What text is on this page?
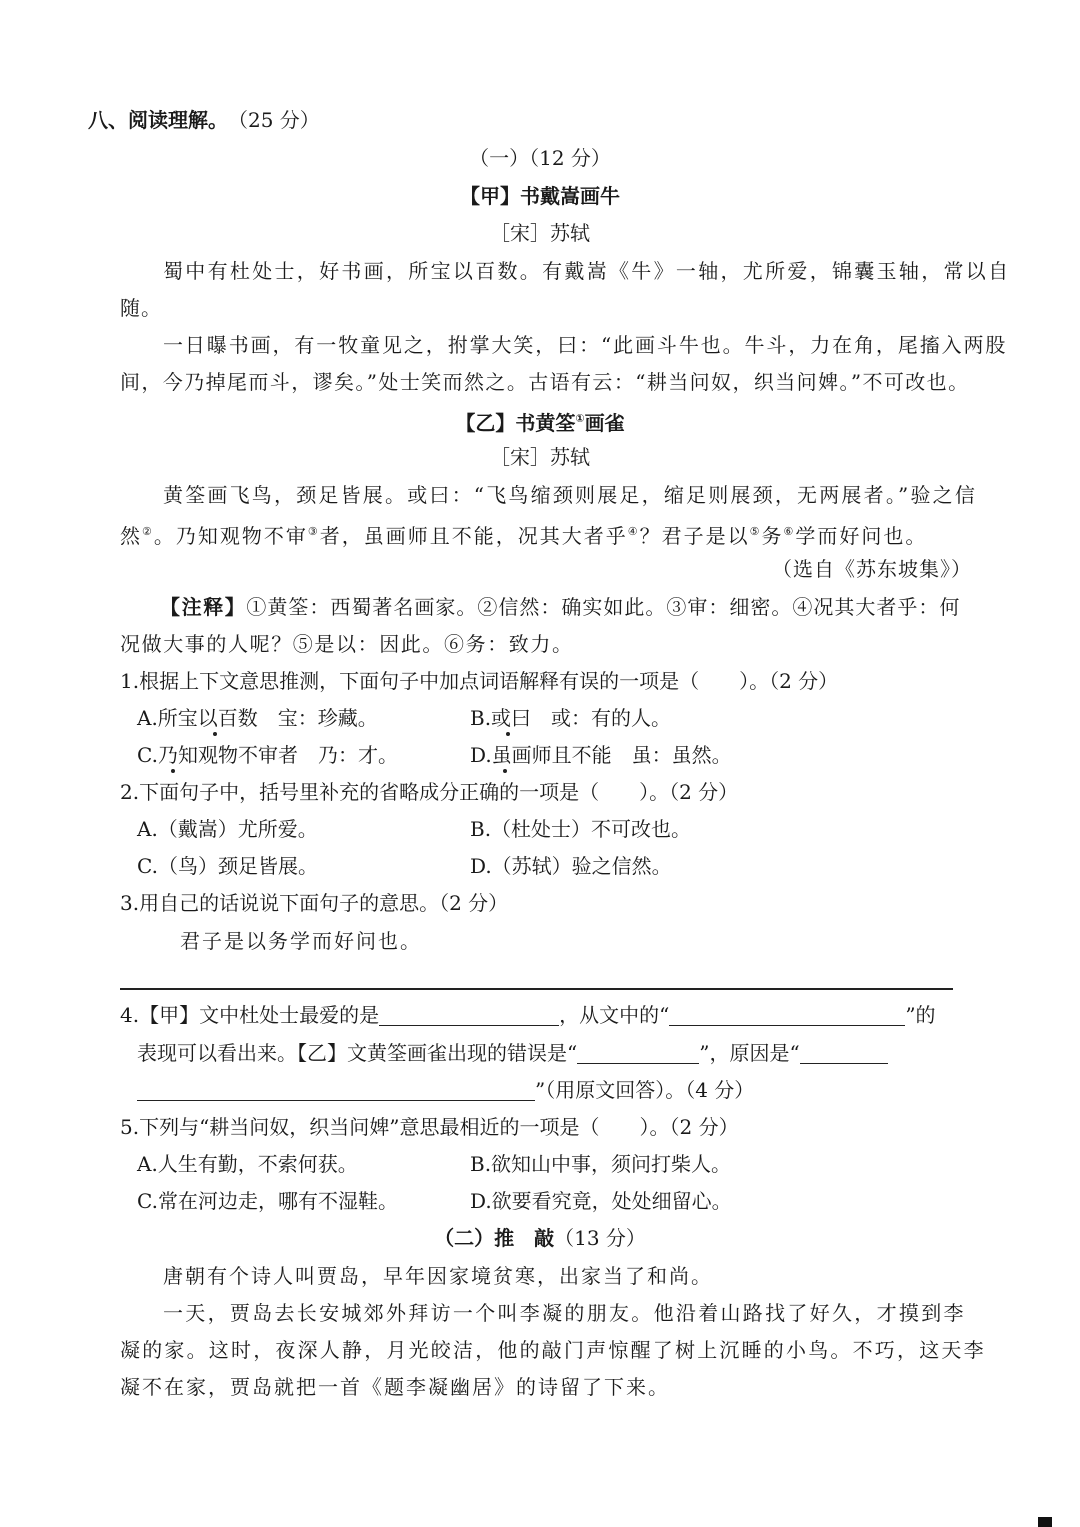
八、阅读理解。（25 分）
（一）（12 分）
【甲】书戴嵩画牛
［宋］苏轼
蜀中有杜处士，好书画，所宝以百数。有戴嵩《牛》一轴，尤所爱，锦囊玉轴，常以自
随。
一日曝书画，有一牧童见之，拊掌大笑，曰：“此画斗牛也。牛斗，力在角，尾搐入两股
间，今乃掉尾而斗，谬矣。”处士笑而然之。古语有云：“耕当问奴，织当问婢。”不可改也。
【乙】书黄筌①画雀
［宋］苏轼
黄筌画飞鸟，颈足皆展。或曰：“飞鸟缩颈则展足，缩足则展颈，无两展者。”验之信
然②。乃知观物不审③者，虽画师且不能，况其大者乎④？君子是以⑤务⑥学而好问也。
（选自《苏东坡集》）
【注释】①黄筌：西蜀著名画家。②信然：确实如此。③审：细密。④况其大者乎：何
况做大事的人呢？⑤是以：因此。⑥务：致力。
1.根据上下文意思推测，下面句子中加点词语解释有误的一项是（　　）。（2 分）
A.所宝以百数　宝：珍藏。	B.或曰　或：有的人。
C.乃知观物不审者　乃：才。	D.虽画师且不能　虽：虽然。
2.下面句子中，括号里补充的省略成分正确的一项是（　　）。（2 分）
A.（戴嵩）尤所爱。	B.（杜处士）不可改也。
C.（鸟）颈足皆展。	D.（苏轼）验之信然。
3.用自己的话说说下面句子的意思。（2 分）
君子是以务学而好问也。
4.【甲】文中杜处士最爱的是	，从文中的“	”的
表现可以看出来。【乙】文黄筌画雀出现的错误是“	”，原因是“
”（用原文回答）。（4 分）
5.下列与“耕当问奴，织当问婢”意思最相近的一项是（　　）。（2 分）
A.人生有勤，不索何获。	B.欲知山中事，须问打柴人。
C.常在河边走，哪有不湿鞋。	D.欲要看究竟，处处细留心。
（二）推　敲（13 分）
唐朝有个诗人叫贾岛，早年因家境贫寒，出家当了和尚。
一天，贾岛去长安城郊外拜访一个叫李凝的朋友。他沿着山路找了好久，才摸到李
凝的家。这时，夜深人静，月光皎洁，他的敲门声惊醒了树上沉睡的小鸟。不巧，这天李
凝不在家，贾岛就把一首《题李凝幽居》的诗留了下来。
